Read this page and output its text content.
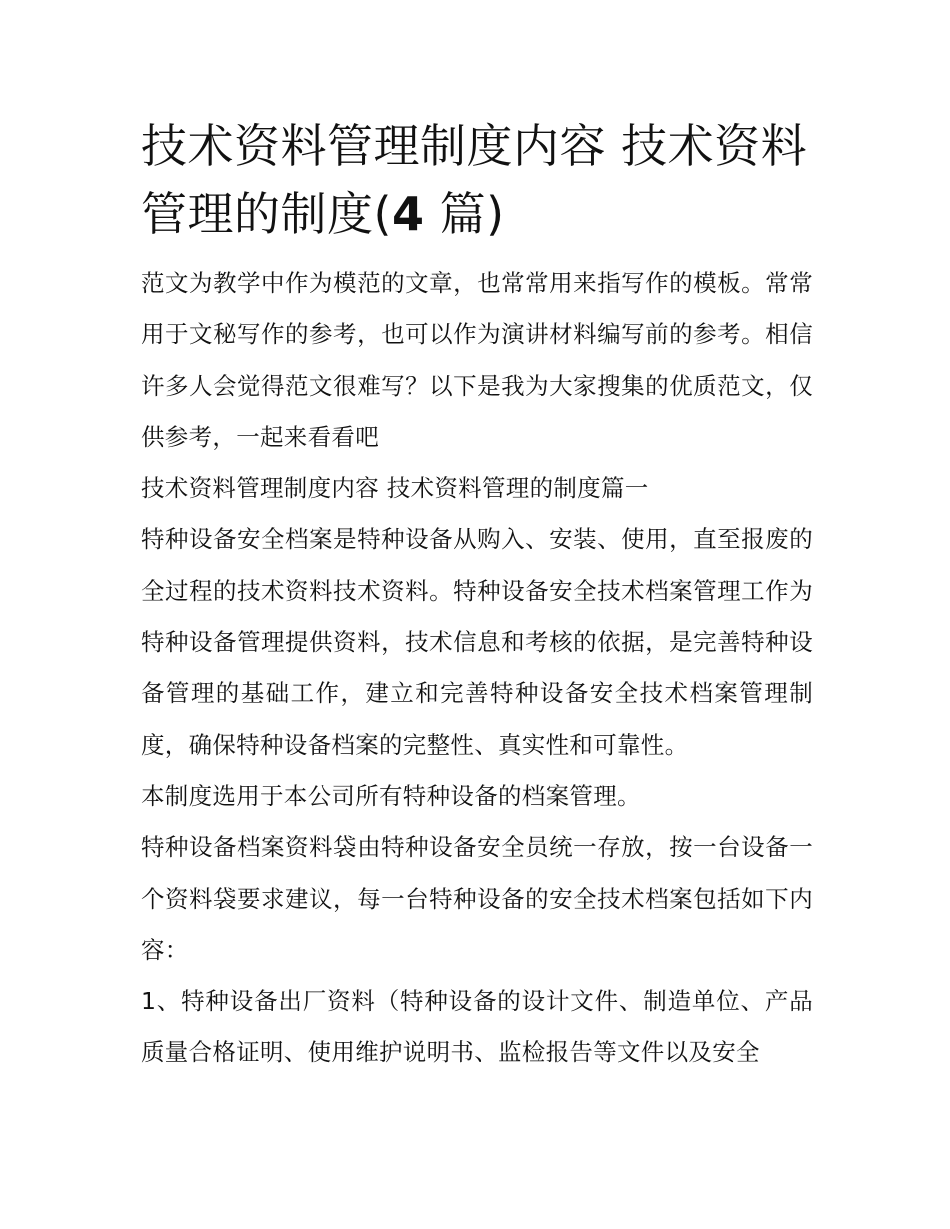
技术资料管理制度内容 技术资料管理的制度(4 篇)

范文为教学中作为模范的文章，也常常用来指写作的模板。常常用于文秘写作的参考，也可以作为演讲材料编写前的参考。相信许多人会觉得范文很难写？以下是我为大家搜集的优质范文，仅供参考，一起来看看吧

技术资料管理制度内容 技术资料管理的制度篇一

特种设备安全档案是特种设备从购入、安装、使用，直至报废的全过程的技术资料技术资料。特种设备安全技术档案管理工作为特种设备管理提供资料，技术信息和考核的依据，是完善特种设备管理的基础工作，建立和完善特种设备安全技术档案管理制度，确保特种设备档案的完整性、真实性和可靠性。

本制度选用于本公司所有特种设备的档案管理。

特种设备档案资料袋由特种设备安全员统一存放，按一台设备一个资料袋要求建议，每一台特种设备的安全技术档案包括如下内容：

1、特种设备出厂资料（特种设备的设计文件、制造单位、产品质量合格证明、使用维护说明书、监检报告等文件以及安全
